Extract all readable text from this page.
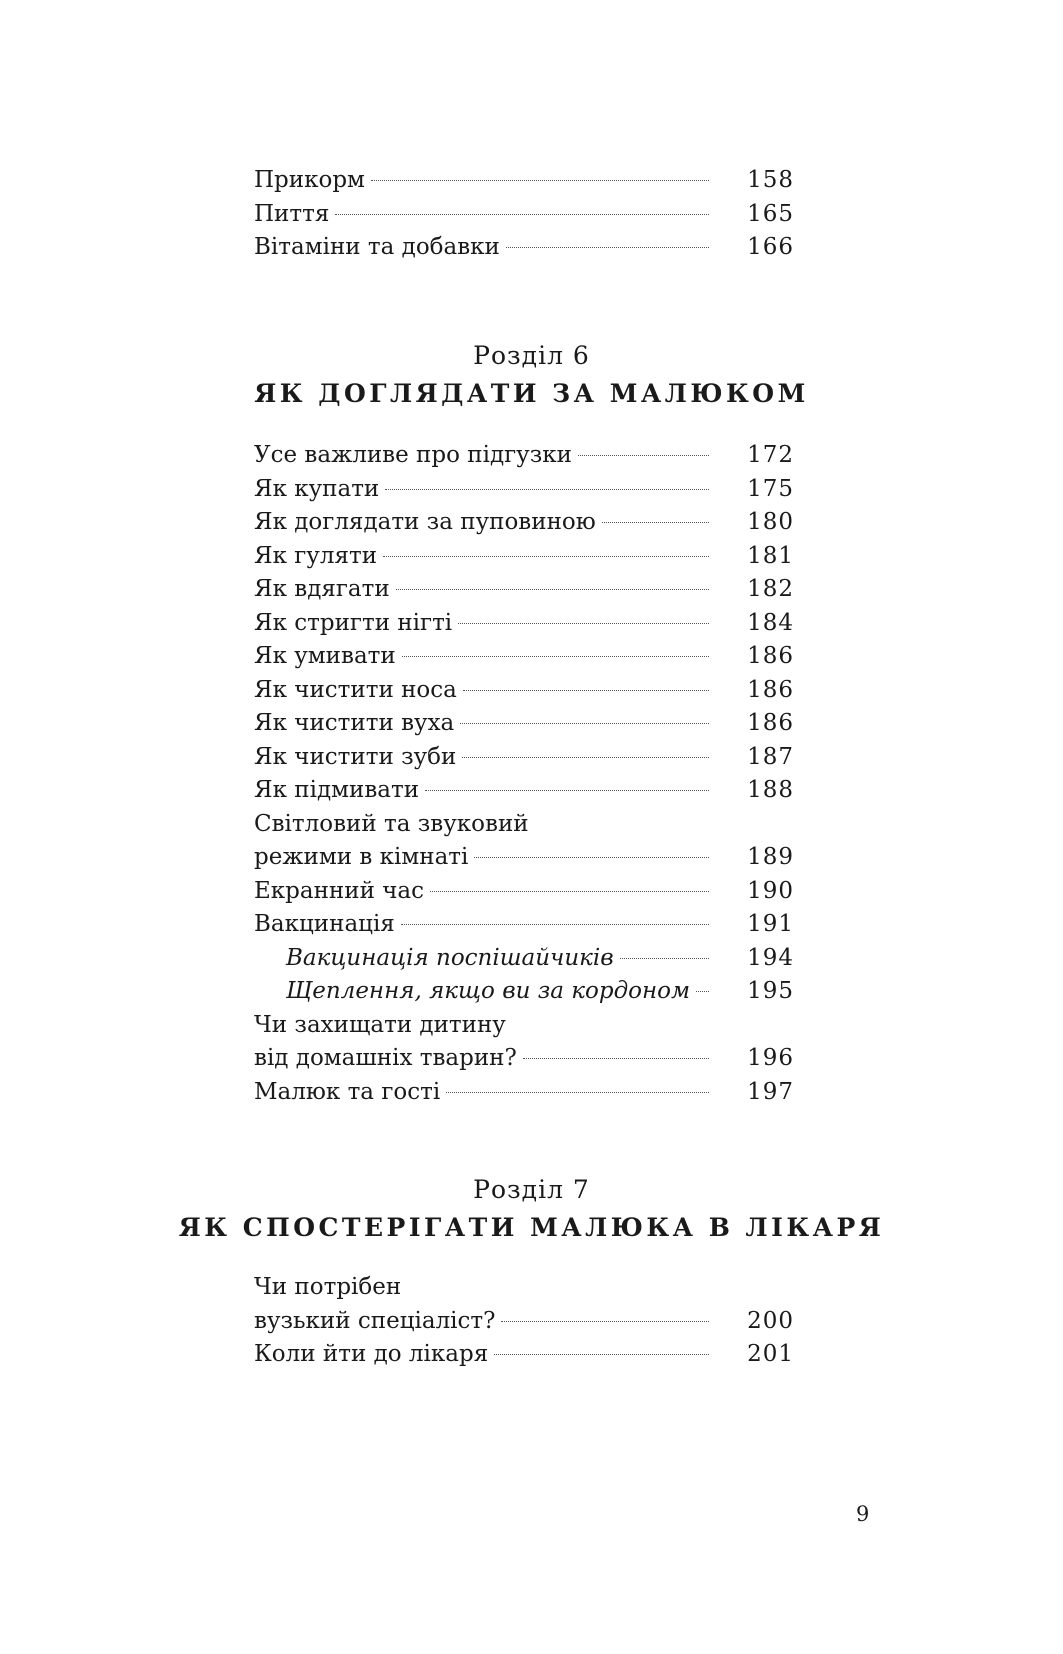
Прикорм	158
Пиття	165
Вітаміни та добавки	166
Розділ 6
ЯК ДОГЛЯДАТИ ЗА МАЛЮКОМ
Усе важливе про підгузки	172
Як купати	175
Як доглядати за пуповиною	180
Як гуляти	181
Як вдягати	182
Як стригти нігті	184
Як умивати	186
Як чистити носа	186
Як чистити вуха	186
Як чистити зуби	187
Як підмивати	188
Світловий та звуковий
режими в кімнаті	189
Екранний час	190
Вакцинація	191
Вакцинація поспішайчиків	194
Щеплення, якщо ви за кордоном	195
Чи захищати дитину
від домашніх тварин?	196
Малюк та гості	197
Розділ 7
ЯК СПОСТЕРІГАТИ МАЛЮКА В ЛІКАРЯ
Чи потрібен
вузький спеціаліст?	200
Коли йти до лікаря	201
9
